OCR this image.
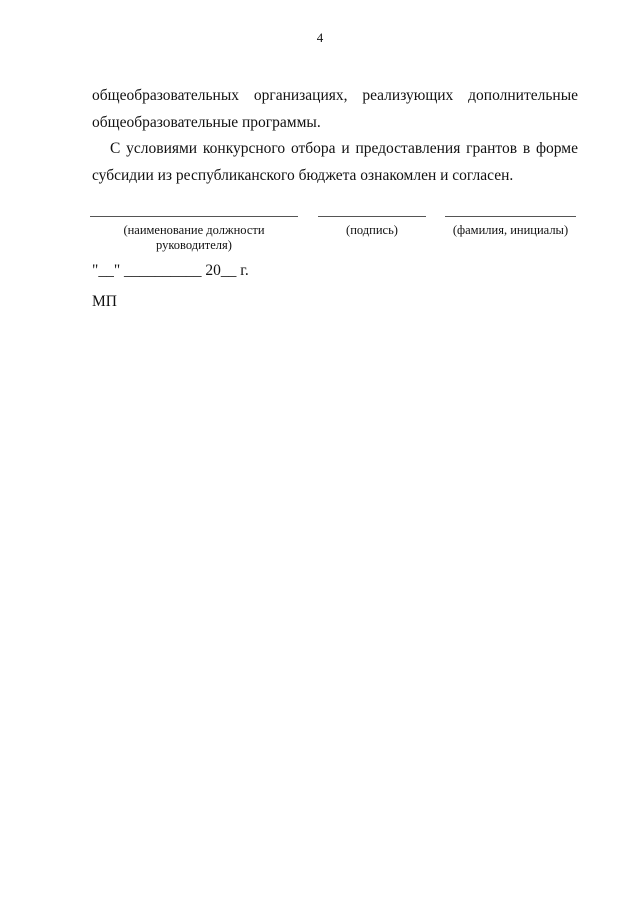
4

общеобразовательных организациях, реализующих дополнительные
общеобразовательные программы.

С условиями конкурсного отбора и предоставления грантов в форме
субсидии из республиканского бюджета ознакомлен и согласен.

(наименование должности
руководителя)
(подпись)	(фамилия, инициалы)
"__" __________ 20__ г.
МП
